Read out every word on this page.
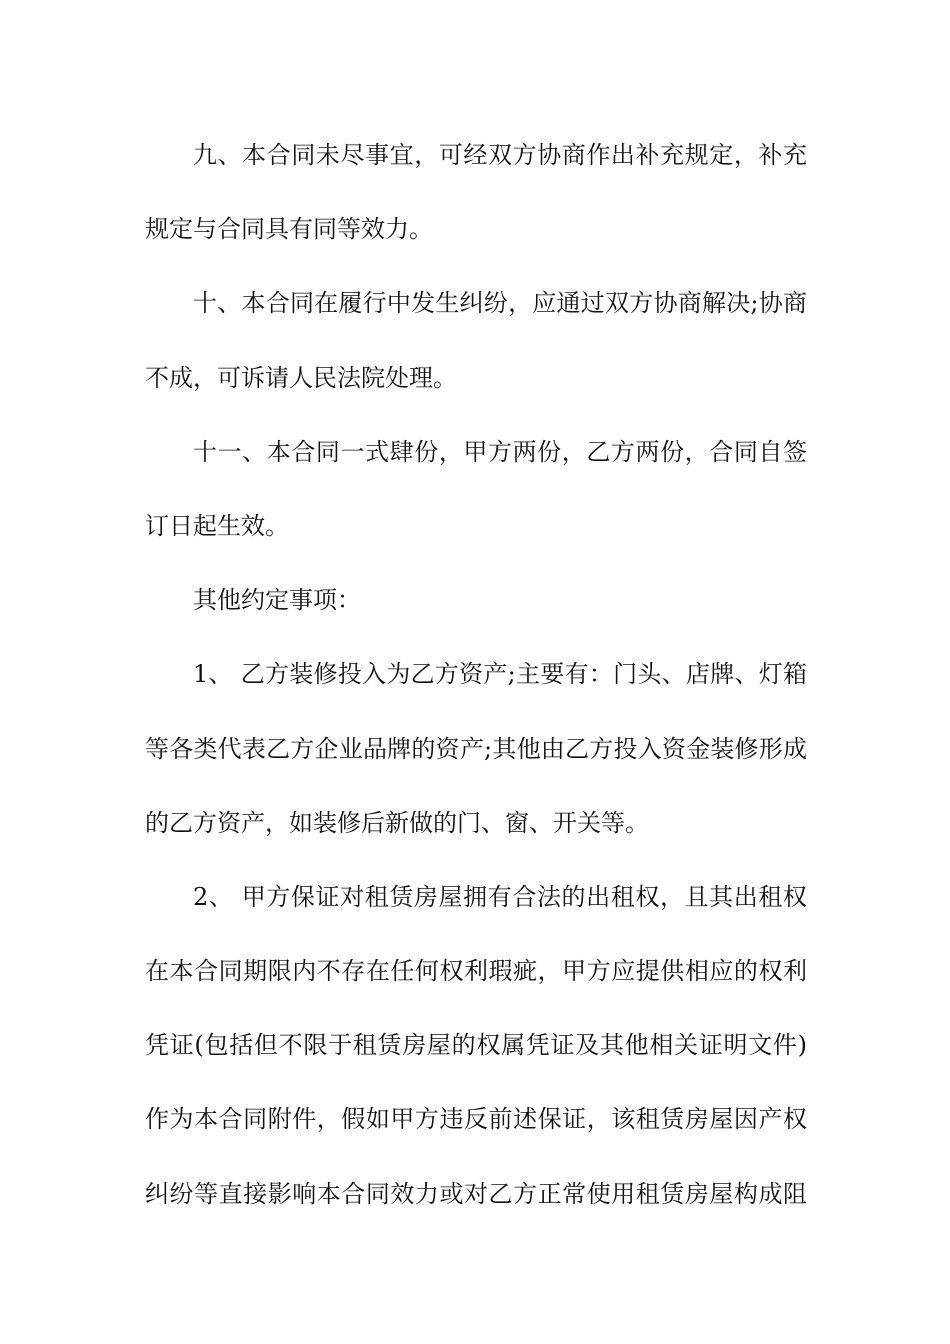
九、本合同未尽事宜，可经双方协商作出补充规定，补充
规定与合同具有同等效力。
十、本合同在履行中发生纠纷，应通过双方协商解决;协商
不成，可诉请人民法院处理。
十一、本合同一式肆份，甲方两份，乙方两份，合同自签
订日起生效。
其他约定事项：
1、 乙方装修投入为乙方资产;主要有：门头、店牌、灯箱
等各类代表乙方企业品牌的资产;其他由乙方投入资金装修形成
的乙方资产，如装修后新做的门、窗、开关等。
2、 甲方保证对租赁房屋拥有合法的出租权，且其出租权
在本合同期限内不存在任何权利瑕疵，甲方应提供相应的权利
凭证(包括但不限于租赁房屋的权属凭证及其他相关证明文件)
作为本合同附件，假如甲方违反前述保证，该租赁房屋因产权
纠纷等直接影响本合同效力或对乙方正常使用租赁房屋构成阻
